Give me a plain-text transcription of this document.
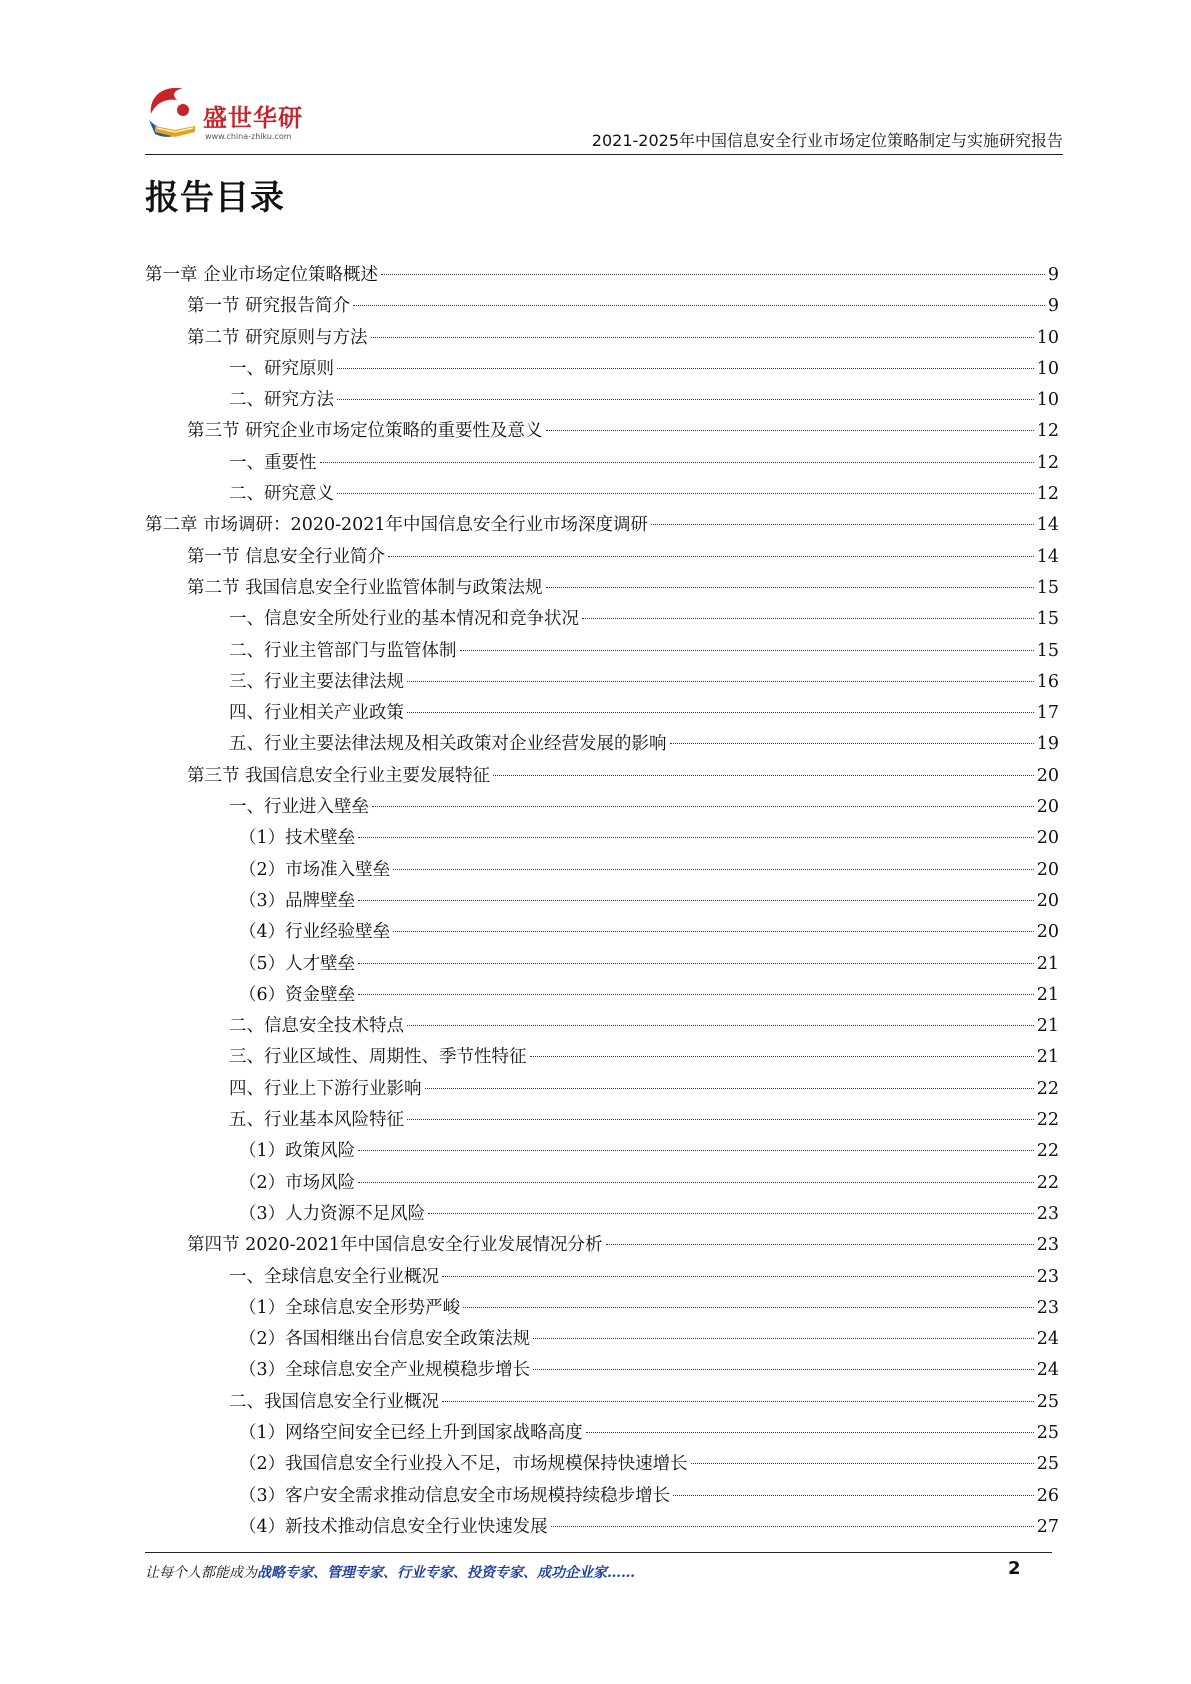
盛世华研
www.china-zhiku.com	2021-2025年中国信息安全行业市场定位策略制定与实施研究报告
报告目录
第一章 企业市场定位策略概述	9
第一节 研究报告简介	9
第二节 研究原则与方法	10
一、研究原则	10
二、研究方法	10
第三节 研究企业市场定位策略的重要性及意义	12
一、重要性	12
二、研究意义	12
第二章 市场调研：2020-2021年中国信息安全行业市场深度调研	14
第一节 信息安全行业简介	14
第二节 我国信息安全行业监管体制与政策法规	15
一、信息安全所处行业的基本情况和竞争状况	15
二、行业主管部门与监管体制	15
三、行业主要法律法规	16
四、行业相关产业政策	17
五、行业主要法律法规及相关政策对企业经营发展的影响	19
第三节 我国信息安全行业主要发展特征	20
一、行业进入壁垒	20
（1）技术壁垒	20
（2）市场准入壁垒	20
（3）品牌壁垒	20
（4）行业经验壁垒	20
（5）人才壁垒	21
（6）资金壁垒	21
二、信息安全技术特点	21
三、行业区域性、周期性、季节性特征	21
四、行业上下游行业影响	22
五、行业基本风险特征	22
（1）政策风险	22
（2）市场风险	22
（3）人力资源不足风险	23
第四节 2020-2021年中国信息安全行业发展情况分析	23
一、全球信息安全行业概况	23
（1）全球信息安全形势严峻	23
（2）各国相继出台信息安全政策法规	24
（3）全球信息安全产业规模稳步增长	24
二、我国信息安全行业概况	25
（1）网络空间安全已经上升到国家战略高度	25
（2）我国信息安全行业投入不足，市场规模保持快速增长	25
（3）客户安全需求推动信息安全市场规模持续稳步增长	26
（4）新技术推动信息安全行业快速发展	27
让每个人都能成为战略专家、管理专家、行业专家、投资专家、成功企业家……	2
